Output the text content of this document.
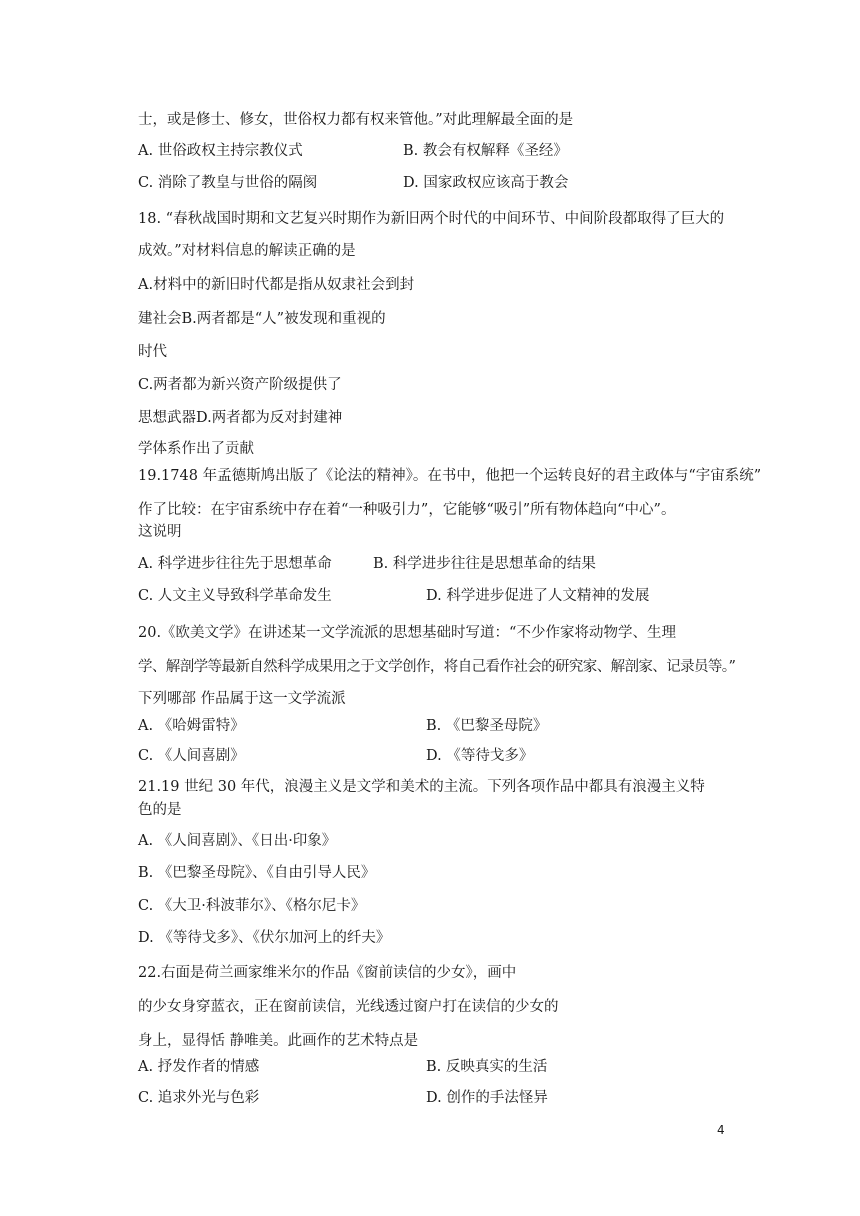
士，或是修士、修女，世俗权力都有权来管他。”对此理解最全面的是
A. 世俗政权主持宗教仪式	B. 教会有权解释《圣经》
C. 消除了教皇与世俗的隔阂	D. 国家政权应该高于教会
18. “春秋战国时期和文艺复兴时期作为新旧两个时代的中间环节、中间阶段都取得了巨大的
成效。”对材料信息的解读正确的是
A.材料中的新旧时代都是指从奴隶社会到封
建社会B.两者都是“人”被发现和重视的
时代
C.两者都为新兴资产阶级提供了
思想武器D.两者都为反对封建神
学体系作出了贡献
19.1748 年孟德斯鸠出版了《论法的精神》。在书中，他把一个运转良好的君主政体与“宇宙系统”
作了比较：在宇宙系统中存在着“一种吸引力”，它能够“吸引”所有物体趋向“中心”。
这说明
A. 科学进步往往先于思想革命	B. 科学进步往往是思想革命的结果
C. 人文主义导致科学革命发生	D. 科学进步促进了人文精神的发展
20.《欧美文学》在讲述某一文学流派的思想基础时写道：“不少作家将动物学、生理
学、解剖学等最新自然科学成果用之于文学创作，将自己看作社会的研究家、解剖家、记录员等。”
下列哪部 作品属于这一文学流派
A. 《哈姆雷特》	B. 《巴黎圣母院》
C. 《人间喜剧》	D. 《等待戈多》
21.19 世纪 30 年代，浪漫主义是文学和美术的主流。下列各项作品中都具有浪漫主义特
色的是
A. 《人间喜剧》、《日出·印象》
B. 《巴黎圣母院》、《自由引导人民》
C. 《大卫·科波菲尔》、《格尔尼卡》
D. 《等待戈多》、《伏尔加河上的纤夫》
22.右面是荷兰画家维米尔的作品《窗前读信的少女》，画中
的少女身穿蓝衣，正在窗前读信，光线透过窗户打在读信的少女的
身上，显得恬 静唯美。此画作的艺术特点是
A. 抒发作者的情感	B. 反映真实的生活
C. 追求外光与色彩	D. 创作的手法怪异
4
